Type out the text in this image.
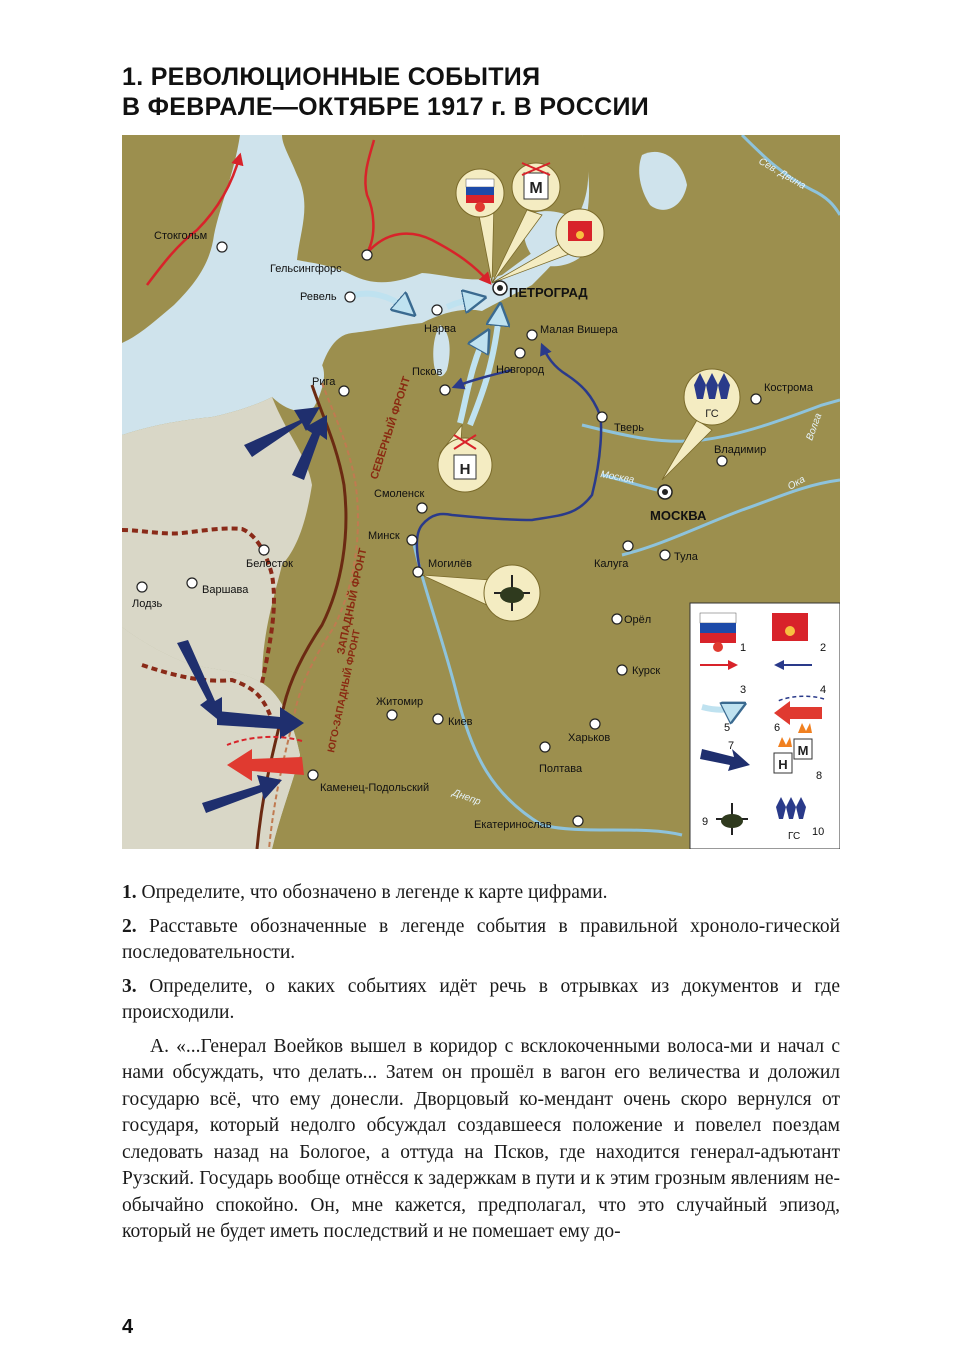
1. РЕВОЛЮЦИОННЫЕ СОБЫТИЯ
В ФЕВРАЛЕ—ОКТЯБРЕ 1917 г. В РОССИИ
СЕВЕРНЫЙ ФРОНТ
ЗАПАДНЫЙ ФРОНТ
ЮГО-ЗАПАДНЫЙ ФРОНТ
М
Н
ГС
Стокгольм
Гельсингфорс
Ревель	ПЕТРОГРАД
Нарва	Малая Вишера
Псков	Новгород
Рига	Кострома
Тверь
Владимир
Смоленск
МОСКВА
Минск
Могилёв
Белосток	Калуга
Тула
Варшава
Лодзь
Орёл
Курск
Житомир
Киев
Харьков
Полтава
Каменец-Подольский
Екатеринослав
Сев. Двина
Волга
Москва	Ока
Днепр
1	2
3	4
5	6
7
Н
М
8
9
ГС 10

1. Определите, что обозначено в легенде к карте цифрами.

2. Расставьте обозначенные в легенде события в правильной хроноло-гической последовательности.

3. Определите, о каких событиях идёт речь в отрывках из документов и где происходили.

А. «...Генерал Воейков вышел в коридор с всклокоченными волоса-ми и начал с нами обсуждать, что делать... Затем он прошёл в вагон его величества и доложил государю всё, что ему донесли. Дворцовый ко-мендант очень скоро вернулся от государя, который недолго обсуждал создавшееся положение и повелел поездам следовать назад на Бологое, а оттуда на Псков, где находится генерал-адъютант Рузский. Государь вообще отнёсся к задержкам в пути и к этим грозным явлениям не-обычайно спокойно. Он, мне кажется, предполагал, что это случайный эпизод, который не будет иметь последствий и не помешает ему до-

4
